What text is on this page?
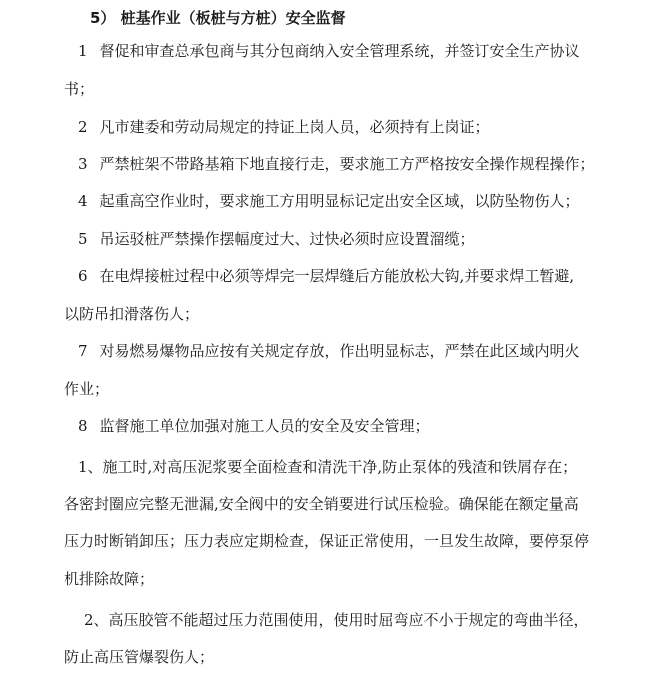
5） 桩基作业（板桩与方桩）安全监督
1 督促和审查总承包商与其分包商纳入安全管理系统，并签订安全生产协议
书；
2 凡市建委和劳动局规定的持证上岗人员，必须持有上岗证；
3 严禁桩架不带路基箱下地直接行走，要求施工方严格按安全操作规程操作；
4 起重高空作业时，要求施工方用明显标记定出安全区域，以防坠物伤人；
5 吊运驳桩严禁操作摆幅度过大、过快必须时应设置溜缆；
6 在电焊接桩过程中必须等焊完一层焊缝后方能放松大钩,并要求焊工暂避,
以防吊扣滑落伤人；
7 对易燃易爆物品应按有关规定存放，作出明显标志，严禁在此区域内明火
作业；
8 监督施工单位加强对施工人员的安全及安全管理；
1、施工时,对高压泥浆要全面检查和清洗干净,防止泵体的残渣和铁屑存在；
各密封圈应完整无泄漏,安全阀中的安全销要进行试压检验。确保能在额定量高
压力时断销卸压；压力表应定期检查，保证正常使用，一旦发生故障，要停泵停
机排除故障；
2、高压胶管不能超过压力范围使用，使用时屈弯应不小于规定的弯曲半径，
防止高压管爆裂伤人；
